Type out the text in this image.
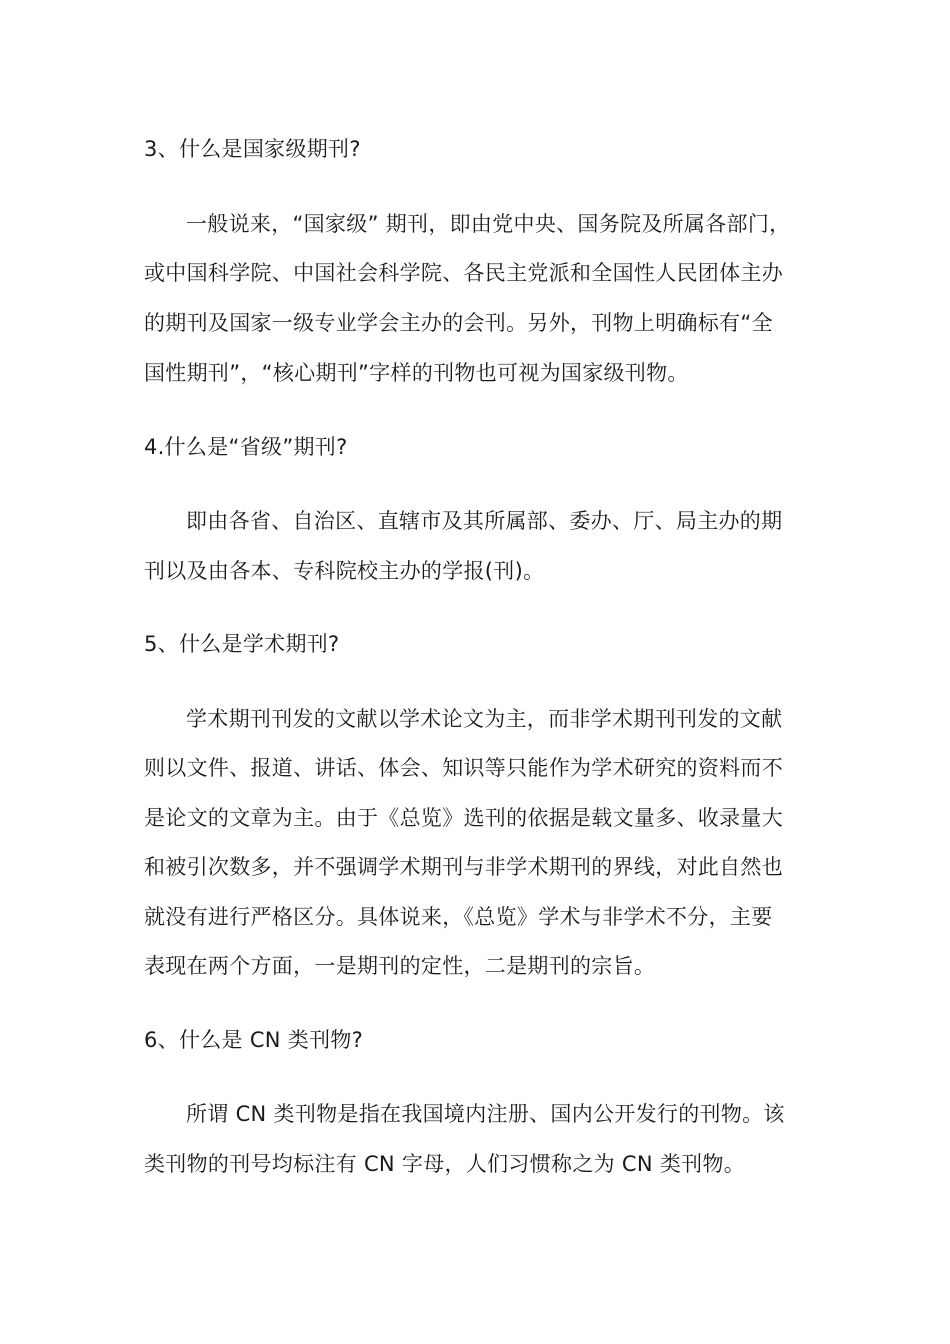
3、什么是国家级期刊?
一般说来，“国家级” 期刊，即由党中央、国务院及所属各部门，
或中国科学院、中国社会科学院、各民主党派和全国性人民团体主办
的期刊及国家一级专业学会主办的会刊。另外，刊物上明确标有“全
国性期刊”，“核心期刊”字样的刊物也可视为国家级刊物。
4.什么是“省级”期刊?
即由各省、自治区、直辖市及其所属部、委办、厅、局主办的期
刊以及由各本、专科院校主办的学报(刊)。
5、什么是学术期刊?
学术期刊刊发的文献以学术论文为主，而非学术期刊刊发的文献
则以文件、报道、讲话、体会、知识等只能作为学术研究的资料而不
是论文的文章为主。由于《总览》选刊的依据是载文量多、收录量大
和被引次数多，并不强调学术期刊与非学术期刊的界线，对此自然也
就没有进行严格区分。具体说来，《总览》学术与非学术不分，主要
表现在两个方面，一是期刊的定性，二是期刊的宗旨。
6、什么是 CN 类刊物?
所谓 CN 类刊物是指在我国境内注册、国内公开发行的刊物。该
类刊物的刊号均标注有 CN 字母，人们习惯称之为 CN 类刊物。
